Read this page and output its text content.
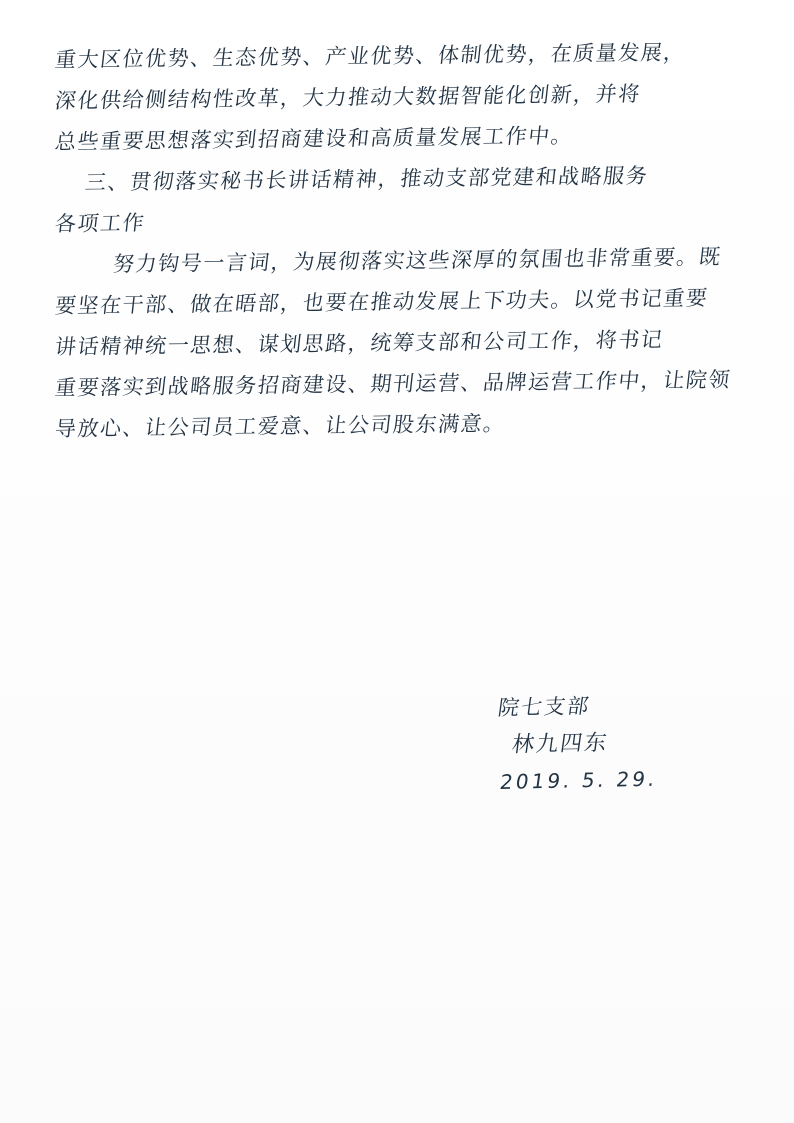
重大区位优势、生态优势、产业优势、体制优势，在质量发展，
深化供给侧结构性改革，大力推动大数据智能化创新，并将
总些重要思想落实到招商建设和高质量发展工作中。
三、贯彻落实秘书长讲话精神，推动支部党建和战略服务
各项工作
努力钩号一言词，为展彻落实这些深厚的氛围也非常重要。既
要坚在干部、做在晤部，也要在推动发展上下功夫。以党书记重要
讲话精神统一思想、谋划思路，统筹支部和公司工作，将书记
重要落实到战略服务招商建设、期刊运营、品牌运营工作中，让院领
导放心、让公司员工爱意、让公司股东满意。
院七支部
林九四东
2019. 5. 29.
